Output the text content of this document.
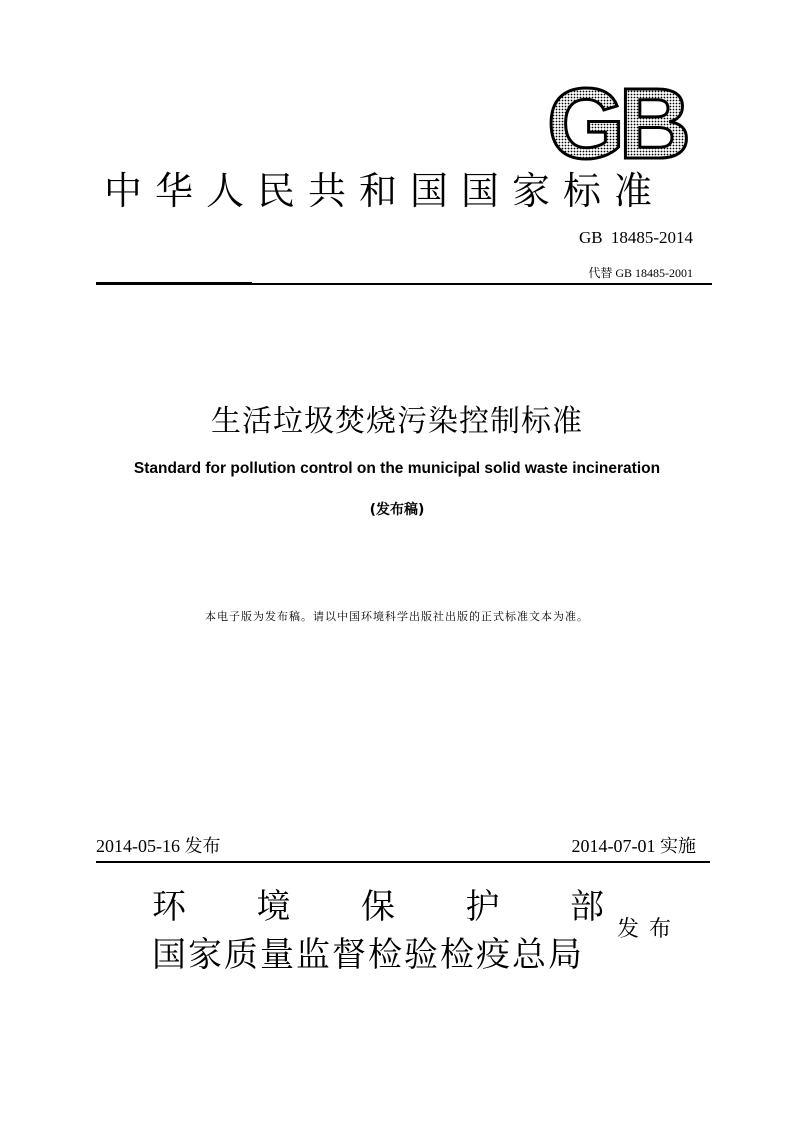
GB
中华人民共和国国家标准
GB 18485-2014
代替 GB 18485-2001
生活垃圾焚烧污染控制标准
Standard for pollution control on the municipal solid waste incineration
(发布稿)
本电子版为发布稿。请以中国环境科学出版社出版的正式标准文本为准。
2014-05-16 发布	2014-07-01 实施
环 境 保 护 部
国家质量监督检验检疫总局
发布
